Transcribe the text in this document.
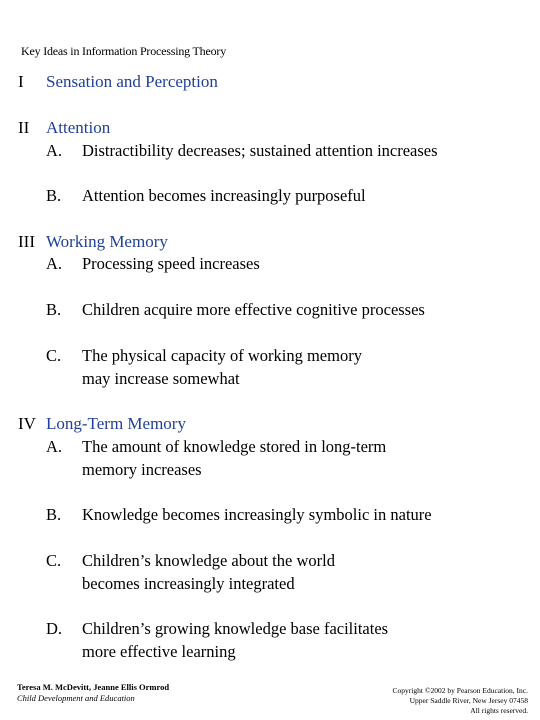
Key Ideas in Information Processing Theory
I Sensation and Perception
II Attention
A. Distractibility decreases; sustained attention increases
B. Attention becomes increasingly purposeful
III Working Memory
A. Processing speed increases
B. Children acquire more effective cognitive processes
C. The physical capacity of working memory
may increase somewhat
IV Long-Term Memory
A. The amount of knowledge stored in long-term
memory increases
B. Knowledge becomes increasingly symbolic in nature
C. Children’s knowledge about the world
becomes increasingly integrated
D. Children’s growing knowledge base facilitates
more effective learning
Teresa M. McDevitt, Jeanne Ellis Ormrod
Child Development and Education
Copyright ©2002 by Pearson Education, Inc.
Upper Saddle River, New Jersey 07458
All rights reserved.
